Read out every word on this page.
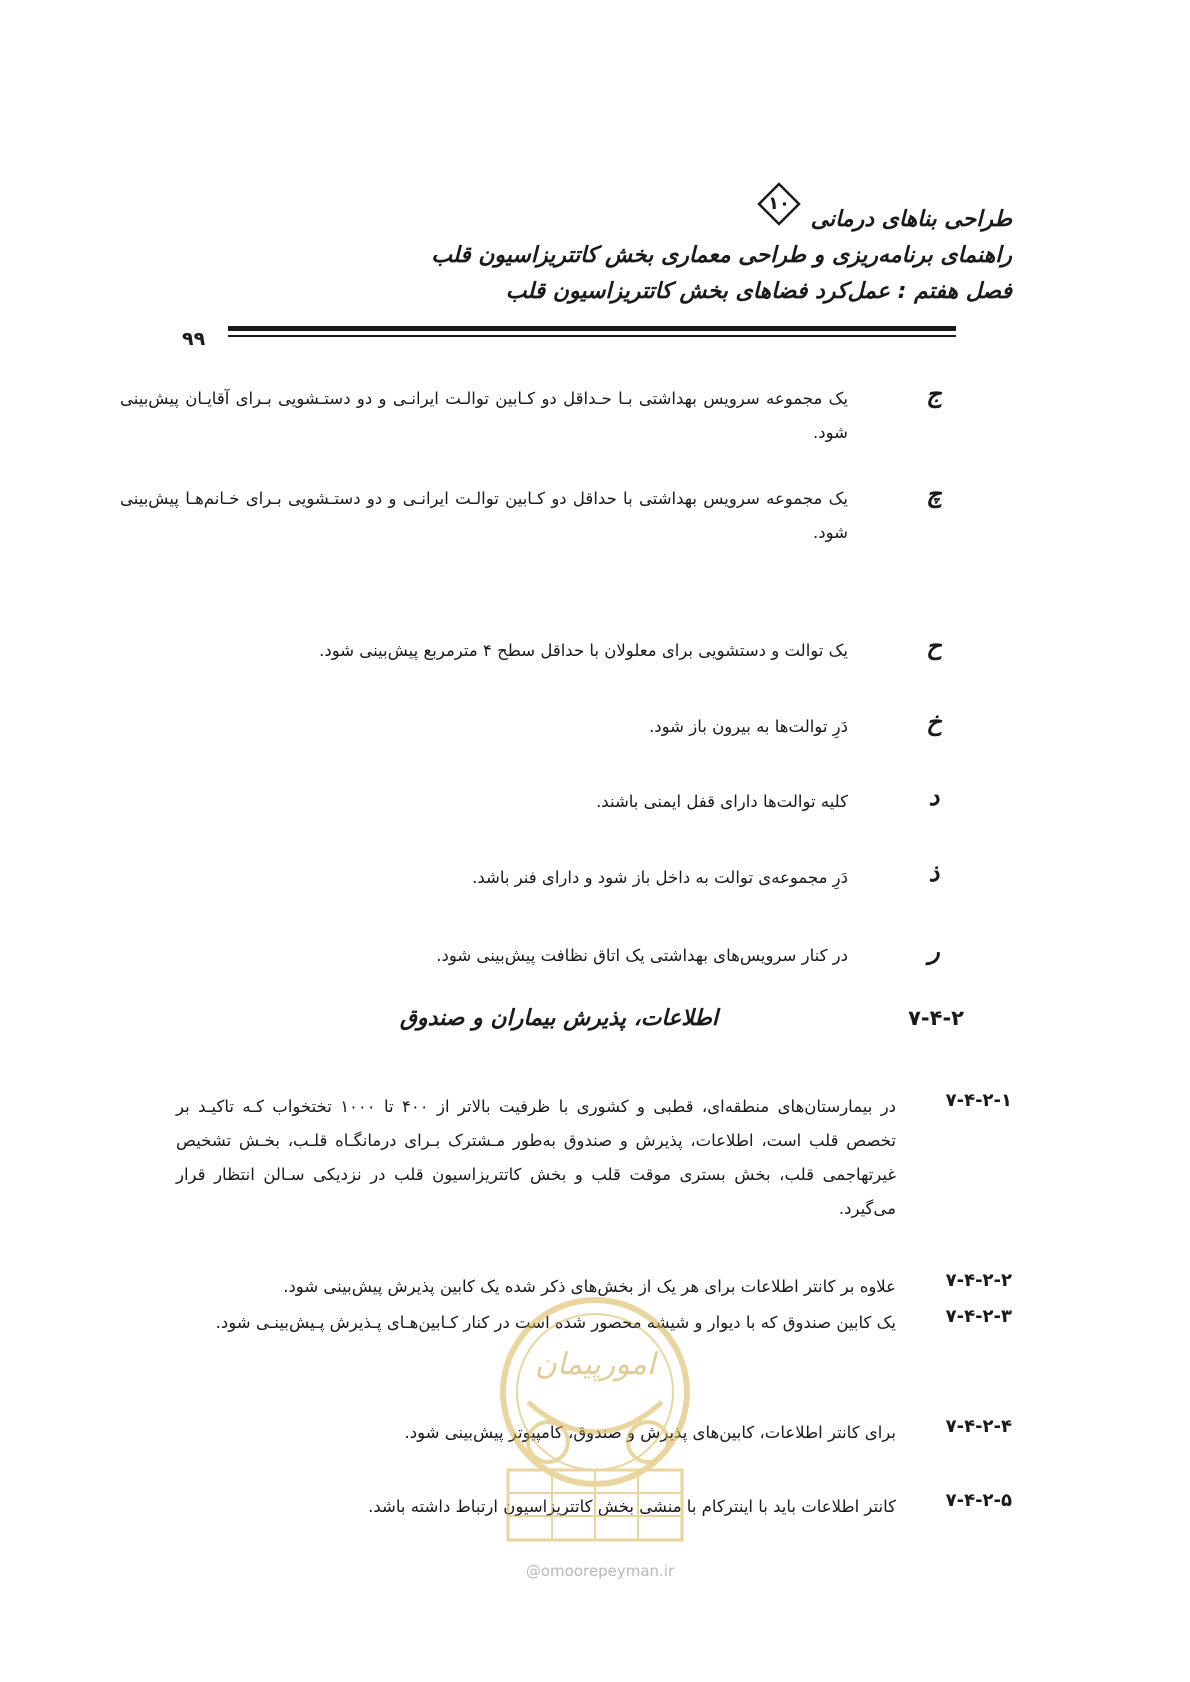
طراحی بناهای درمانی
۱۰
راهنمای برنامه‌ریزی و طراحی معماری بخش کاتتریزاسیون قلب
فصل هفتم : عمل‌کرد فضاهای بخش کاتتریزاسیون قلب
۹۹
ج
یک مجموعه سرویس بهداشتی بـا حـداقل دو کـابین توالـت ایرانـی و دو دستـشویی بـرای آقایـان پیش‌بینی شود.
چ
یک مجموعه سرویس بهداشتی با حداقل دو کـابین توالـت ایرانـی و دو دستـشویی بـرای خـانم‌هـا پیش‌بینی شود.
ح
یک توالت و دستشویی برای معلولان با حداقل سطح ۴ مترمربع پیش‌بینی شود.
خ
دَرِ توالت‌ها به بیرون باز شود.
د
کلیه توالت‌ها دارای قفل ایمنی باشند.
ذ
دَرِ مجموعه‌ی توالت به داخل باز شود و دارای فنر باشد.
ر
در کنار سرویس‌های بهداشتی یک اتاق نظافت پیش‌بینی شود.
۷-۴-۲
اطلاعات، پذیرش بیماران و صندوق
۷-۴-۲-۱
در بیمارستان‌های منطقه‌ای، قطبی و کشوری با ظرفیت بالاتر از ۴۰۰ تا ۱۰۰۰ تختخواب کـه تاکیـد بر تخصص قلب است، اطلاعات، پذیرش و صندوق به‌طور مـشترک بـرای درمانگـاه قلـب، بخـش تشخیص غیرتهاجمی قلب، بخش بستری موقت قلب و بخش کاتتریزاسیون قلب در نزدیکی سـالن انتظار قرار می‌گیرد.
۷-۴-۲-۲
علاوه بر کانتر اطلاعات برای هر یک از بخش‌های ذکر شده یک کابین پذیرش پیش‌بینی شود.
۷-۴-۲-۳
یک کابین صندوق که با دیوار و شیشه محصور شده است در کنار کـابین‌هـای پـذیرش پـیش‌بینـی شود.
۷-۴-۲-۴
برای کانتر اطلاعات، کابین‌های پذیرش و صندوق، کامپیوتر پیش‌بینی شود.
۷-۴-۲-۵
کانتر اطلاعات باید با اینترکام با منشی بخش کاتتریزاسیون ارتباط داشته باشد.
امورپیمان
@omoorepeyman.ir
